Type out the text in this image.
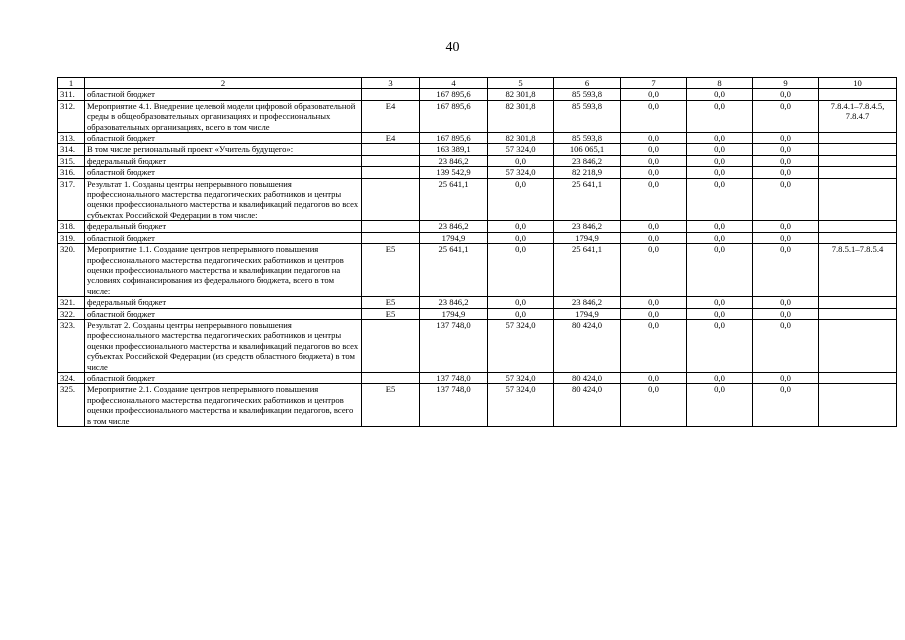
40
1	2	3	4	5	6	7	8	9	10
311.	областной бюджет		167 895,6	82 301,8	85 593,8	0,0	0,0	0,0	
312.	Мероприятие 4.1. Внедрение целевой модели цифровой образовательной среды в общеобразовательных организациях и профессиональных образовательных организациях, всего в том числе	Е4	167 895,6	82 301,8	85 593,8	0,0	0,0	0,0	7.8.4.1–7.8.4.5, 7.8.4.7
313.	областной бюджет	Е4	167 895,6	82 301,8	85 593,8	0,0	0,0	0,0	
314.	В том числе региональный проект «Учитель будущего»:		163 389,1	57 324,0	106 065,1	0,0	0,0	0,0	
315.	федеральный бюджет		23 846,2	0,0	23 846,2	0,0	0,0	0,0	
316.	областной бюджет		139 542,9	57 324,0	82 218,9	0,0	0,0	0,0	
317.	Результат 1. Созданы центры непрерывного повышения профессионального мастерства педагогических работников и центры оценки профессионального мастерства и квалификаций педагогов во всех субъектах Российской Федерации в том числе:		25 641,1	0,0	25 641,1	0,0	0,0	0,0	
318.	федеральный бюджет		23 846,2	0,0	23 846,2	0,0	0,0	0,0	
319.	областной бюджет		1794,9	0,0	1794,9	0,0	0,0	0,0	
320.	Мероприятие 1.1. Создание центров непрерывного повышения профессионального мастерства педагогических работников и центров оценки профессионального мастерства и квалификации педагогов на условиях софинансирования из федерального бюджета, всего в том числе:	Е5	25 641,1	0,0	25 641,1	0,0	0,0	0,0	7.8.5.1–7.8.5.4
321.	федеральный бюджет	Е5	23 846,2	0,0	23 846,2	0,0	0,0	0,0	
322.	областной бюджет	Е5	1794,9	0,0	1794,9	0,0	0,0	0,0	
323.	Результат 2. Созданы центры непрерывного повышения профессионального мастерства педагогических работников и центры оценки профессионального мастерства и квалификаций педагогов во всех субъектах Российской Федерации (из средств областного бюджета) в том числе		137 748,0	57 324,0	80 424,0	0,0	0,0	0,0	
324.	областной бюджет		137 748,0	57 324,0	80 424,0	0,0	0,0	0,0	
325.	Мероприятие 2.1. Создание центров непрерывного повышения профессионального мастерства педагогических работников и центров оценки профессионального мастерства и квалификации педагогов, всего в том числе	Е5	137 748,0	57 324,0	80 424,0	0,0	0,0	0,0	
